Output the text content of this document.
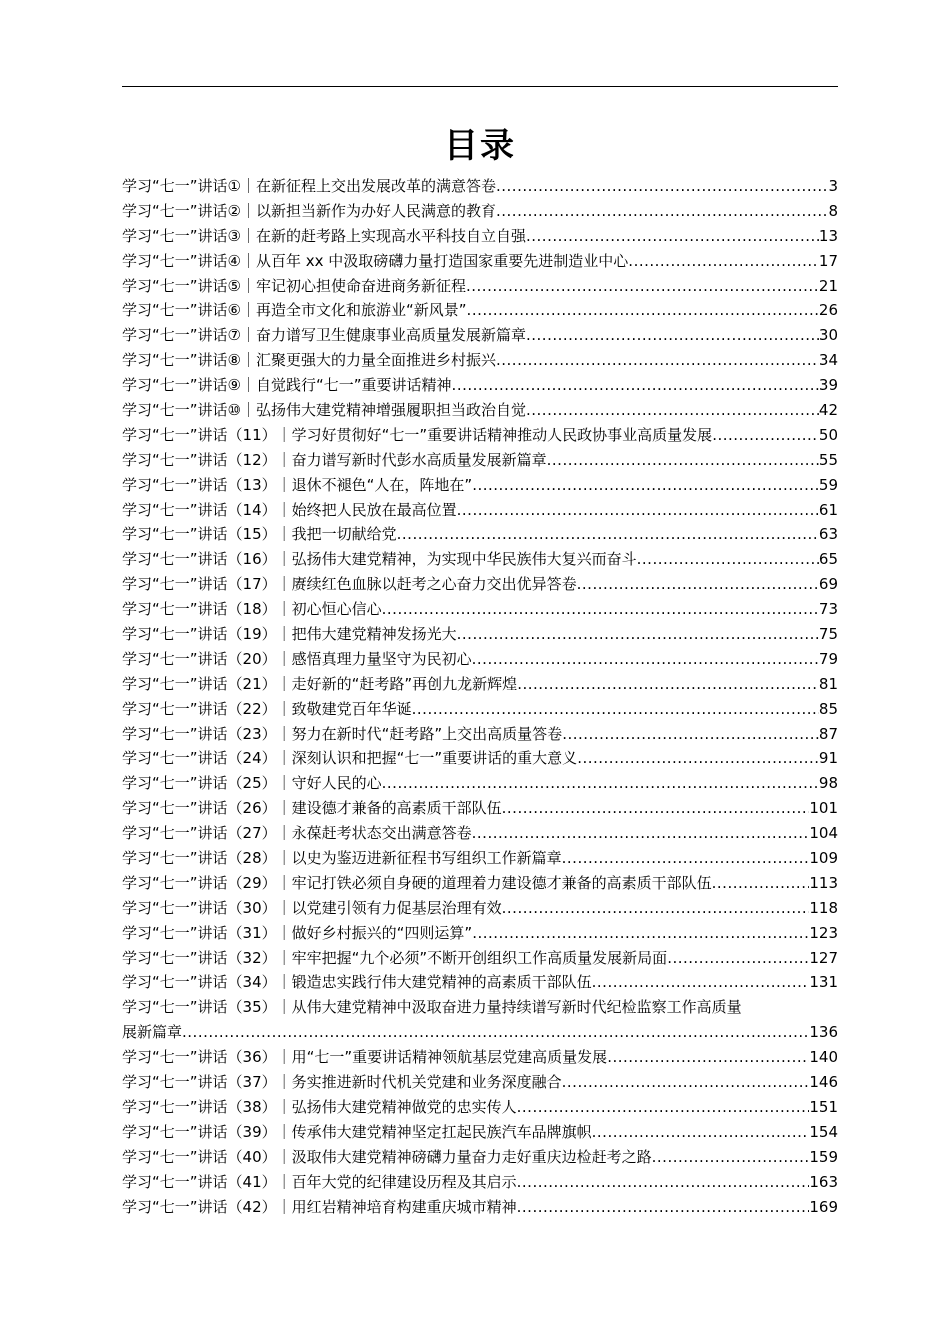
目录
学习“七一”讲话①｜在新征程上交出发展改革的满意答卷 .....	3
学习“七一”讲话②｜以新担当新作为办好人民满意的教育 .....	8
学习“七一”讲话③｜在新的赶考路上实现高水平科技自立自强 .....	13
学习“七一”讲话④｜从百年 xx 中汲取磅礴力量打造国家重要先进制造业中心 .....	17
学习“七一”讲话⑤｜牢记初心担使命奋进商务新征程 .....	21
学习“七一”讲话⑥｜再造全市文化和旅游业“新风景” .....	26
学习“七一”讲话⑦｜奋力谱写卫生健康事业高质量发展新篇章 .....	30
学习“七一”讲话⑧｜汇聚更强大的力量全面推进乡村振兴 .....	34
学习“七一”讲话⑨｜自觉践行“七一”重要讲话精神 .....	39
学习“七一”讲话⑩｜弘扬伟大建党精神增强履职担当政治自觉 .....	42
学习“七一”讲话（11）｜学习好贯彻好“七一”重要讲话精神推动人民政协事业高质量发展 .....	50
学习“七一”讲话（12）｜奋力谱写新时代彭水高质量发展新篇章 .....	55
学习“七一”讲话（13）｜退休不褪色“人在，阵地在” .....	59
学习“七一”讲话（14）｜始终把人民放在最高位置 .....	61
学习“七一”讲话（15）｜我把一切献给党 .....	63
学习“七一”讲话（16）｜弘扬伟大建党精神，为实现中华民族伟大复兴而奋斗 .....	65
学习“七一”讲话（17）｜赓续红色血脉以赶考之心奋力交出优异答卷 .....	69
学习“七一”讲话（18）｜初心恒心信心 .....	73
学习“七一”讲话（19）｜把伟大建党精神发扬光大 .....	75
学习“七一”讲话（20）｜感悟真理力量坚守为民初心 .....	79
学习“七一”讲话（21）｜走好新的“赶考路”再创九龙新辉煌 .....	81
学习“七一”讲话（22）｜致敬建党百年华诞 .....	85
学习“七一”讲话（23）｜努力在新时代“赶考路”上交出高质量答卷 .....	87
学习“七一”讲话（24）｜深刻认识和把握“七一”重要讲话的重大意义 .....	91
学习“七一”讲话（25）｜守好人民的心 .....	98
学习“七一”讲话（26）｜建设德才兼备的高素质干部队伍 .....	101
学习“七一”讲话（27）｜永葆赶考状态交出满意答卷 .....	104
学习“七一”讲话（28）｜以史为鉴迈进新征程书写组织工作新篇章 .....	109
学习“七一”讲话（29）｜牢记打铁必须自身硬的道理着力建设德才兼备的高素质干部队伍 .....	113
学习“七一”讲话（30）｜以党建引领有力促基层治理有效 .....	118
学习“七一”讲话（31）｜做好乡村振兴的“四则运算” .....	123
学习“七一”讲话（32）｜牢牢把握“九个必须”不断开创组织工作高质量发展新局面 .....	127
学习“七一”讲话（34）｜锻造忠实践行伟大建党精神的高素质干部队伍 .....	131
学习“七一”讲话（35）｜从伟大建党精神中汲取奋进力量持续谱写新时代纪检监察工作高质量
展新篇章 .....	136
学习“七一”讲话（36）｜用“七一”重要讲话精神领航基层党建高质量发展 .....	140
学习“七一”讲话（37）｜务实推进新时代机关党建和业务深度融合 .....	146
学习“七一”讲话（38）｜弘扬伟大建党精神做党的忠实传人 .....	151
学习“七一”讲话（39）｜传承伟大建党精神坚定扛起民族汽车品牌旗帜 .....	154
学习“七一”讲话（40）｜汲取伟大建党精神磅礴力量奋力走好重庆边检赶考之路 .....	159
学习“七一”讲话（41）｜百年大党的纪律建设历程及其启示 .....	163
学习“七一”讲话（42）｜用红岩精神培育构建重庆城市精神 .....	169
